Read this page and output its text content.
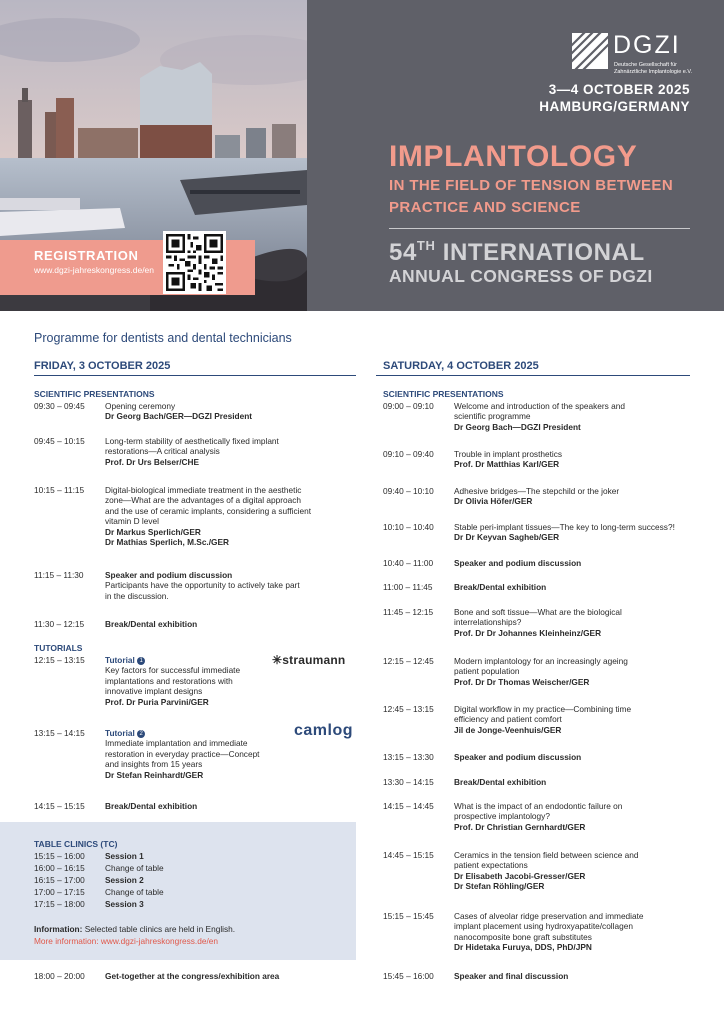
REGISTRATION
www.dgzi-jahreskongress.de/en
DGZI
Deutsche Gesellschaft für Zahnärztliche Implantologie e.V.
3—4 OCTOBER 2025
HAMBURG/GERMANY
IMPLANTOLOGY
IN THE FIELD OF TENSION BETWEEN
PRACTICE AND SCIENCE
54TH INTERNATIONAL
ANNUAL CONGRESS OF DGZI
Programme for dentists and dental technicians
FRIDAY, 3 OCTOBER 2025
SCIENTIFIC PRESENTATIONS
09:30 – 09:45 Opening ceremony
Dr Georg Bach/GER—DGZI President
09:45 – 10:15 Long-term stability of aesthetically fixed implant
restorations—A critical analysis
Prof. Dr Urs Belser/CHE
10:15 – 11:15	Digital-biological immediate treatment in the aesthetic
zone—What are the advantages of a digital approach
and the use of ceramic implants, considering a sufficient
vitamin D level
Dr Markus Sperlich/GER
Dr Mathias Sperlich, M.Sc./GER
11:15 – 11:30	Speaker and podium discussion
Participants have the opportunity to actively take part
in the discussion.
11:30 – 12:15	Break/Dental exhibition
TUTORIALS
12:15 – 13:15 Tutorial 1
Key factors for successful immediate
implantations and restorations with
innovative implant designs
Prof. Dr Puria Parvini/GER
✳straumann
13:15 – 14:15 Tutorial 2
Immediate implantation and immediate
restoration in everyday practice—Concept
and insights from 15 years
Dr Stefan Reinhardt/GER
camlog
14:15 – 15:15 Break/Dental exhibition
TABLE CLINICS (TC)
15:15 – 16:00 Session 1
16:00 – 16:15 Change of table
16:15 – 17:00 Session 2
17:00 – 17:15 Change of table
17:15 – 18:00 Session 3
Information: Selected table clinics are held in English.
More information: www.dgzi-jahreskongress.de/en
18:00 – 20:00 Get-together at the congress/exhibition area
SATURDAY, 4 OCTOBER 2025
SCIENTIFIC PRESENTATIONS
09:00 – 09:10 Welcome and introduction of the speakers and
scientific programme
Dr Georg Bach—DGZI President
09:10 – 09:40 Trouble in implant prosthetics
Prof. Dr Matthias Karl/GER
09:40 – 10:10 Adhesive bridges—The stepchild or the joker
Dr Olivia Höfer/GER
10:10 – 10:40 Stable peri-implant tissues—The key to long-term success?!
Dr Dr Keyvan Sagheb/GER
10:40 – 11:00	Speaker and podium discussion
11:00 – 11:45	Break/Dental exhibition
11:45 – 12:15	Bone and soft tissue—What are the biological
interrelationships?
Prof. Dr Dr Johannes Kleinheinz/GER
12:15 – 12:45 Modern implantology for an increasingly ageing
patient population
Prof. Dr Dr Thomas Weischer/GER
12:45 – 13:15 Digital workflow in my practice—Combining time
efficiency and patient comfort
Jil de Jonge-Veenhuis/GER
13:15 – 13:30 Speaker and podium discussion
13:30 – 14:15 Break/Dental exhibition
14:15 – 14:45 What is the impact of an endodontic failure on
prospective implantology?
Prof. Dr Christian Gernhardt/GER
14:45 – 15:15 Ceramics in the tension field between science and
patient expectations
Dr Elisabeth Jacobi-Gresser/GER
Dr Stefan Röhling/GER
15:15 – 15:45 Cases of alveolar ridge preservation and immediate
implant placement using hydroxyapatite/collagen
nanocomposite bone graft substitutes
Dr Hidetaka Furuya, DDS, PhD/JPN
15:45 – 16:00 Speaker and final discussion
